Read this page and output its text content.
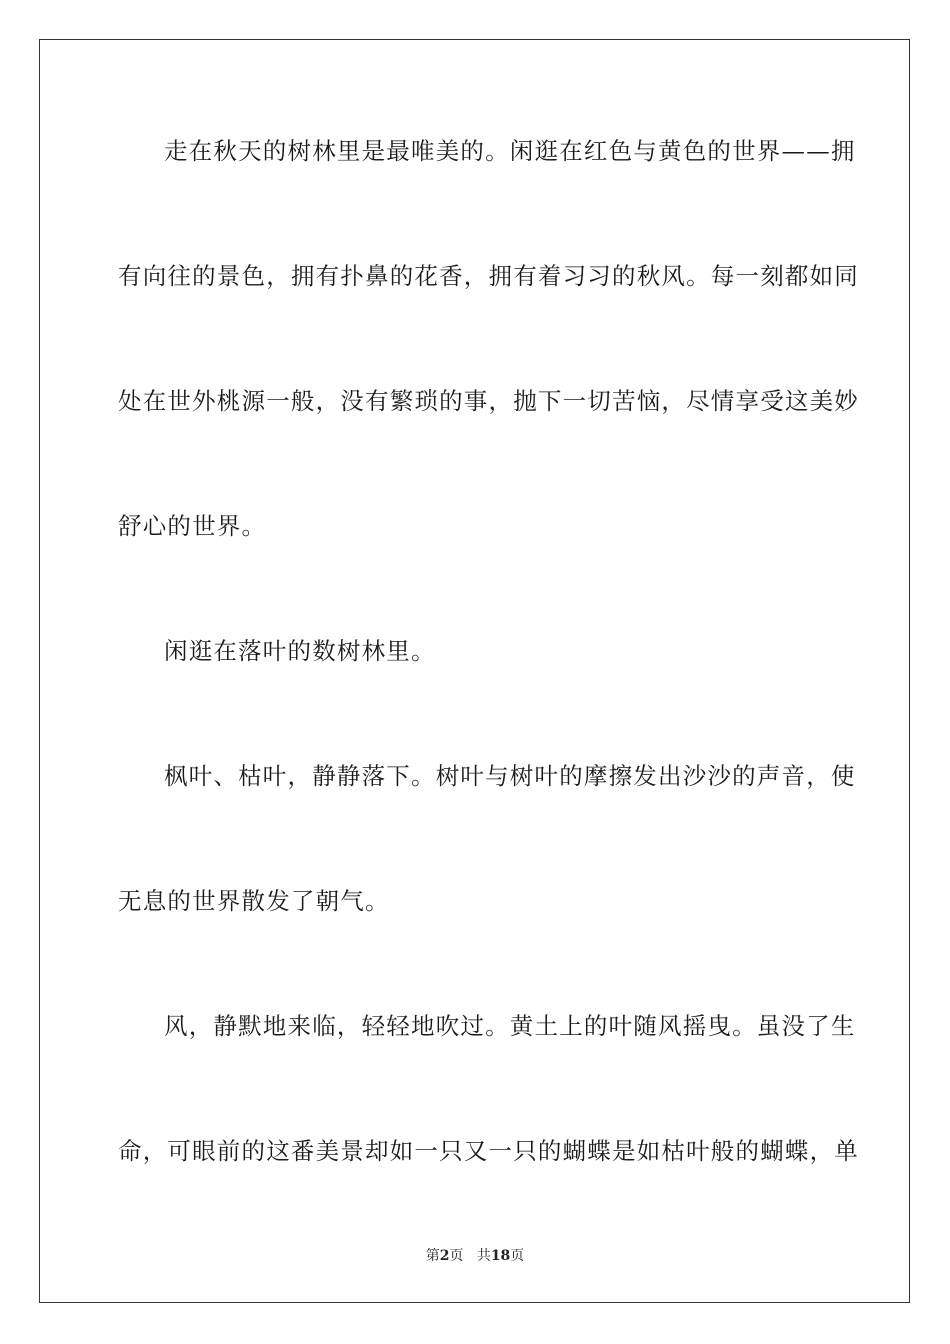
走在秋天的树林里是最唯美的。闲逛在红色与黄色的世界——拥

有向往的景色，拥有扑鼻的花香，拥有着习习的秋风。每一刻都如同

处在世外桃源一般，没有繁琐的事，抛下一切苦恼，尽情享受这美妙

舒心的世界。

闲逛在落叶的数树林里。

枫叶、枯叶，静静落下。树叶与树叶的摩擦发出沙沙的声音，使

无息的世界散发了朝气。

风，静默地来临，轻轻地吹过。黄土上的叶随风摇曳。虽没了生

命，可眼前的这番美景却如一只又一只的蝴蝶是如枯叶般的蝴蝶，单

第2页 共18页
